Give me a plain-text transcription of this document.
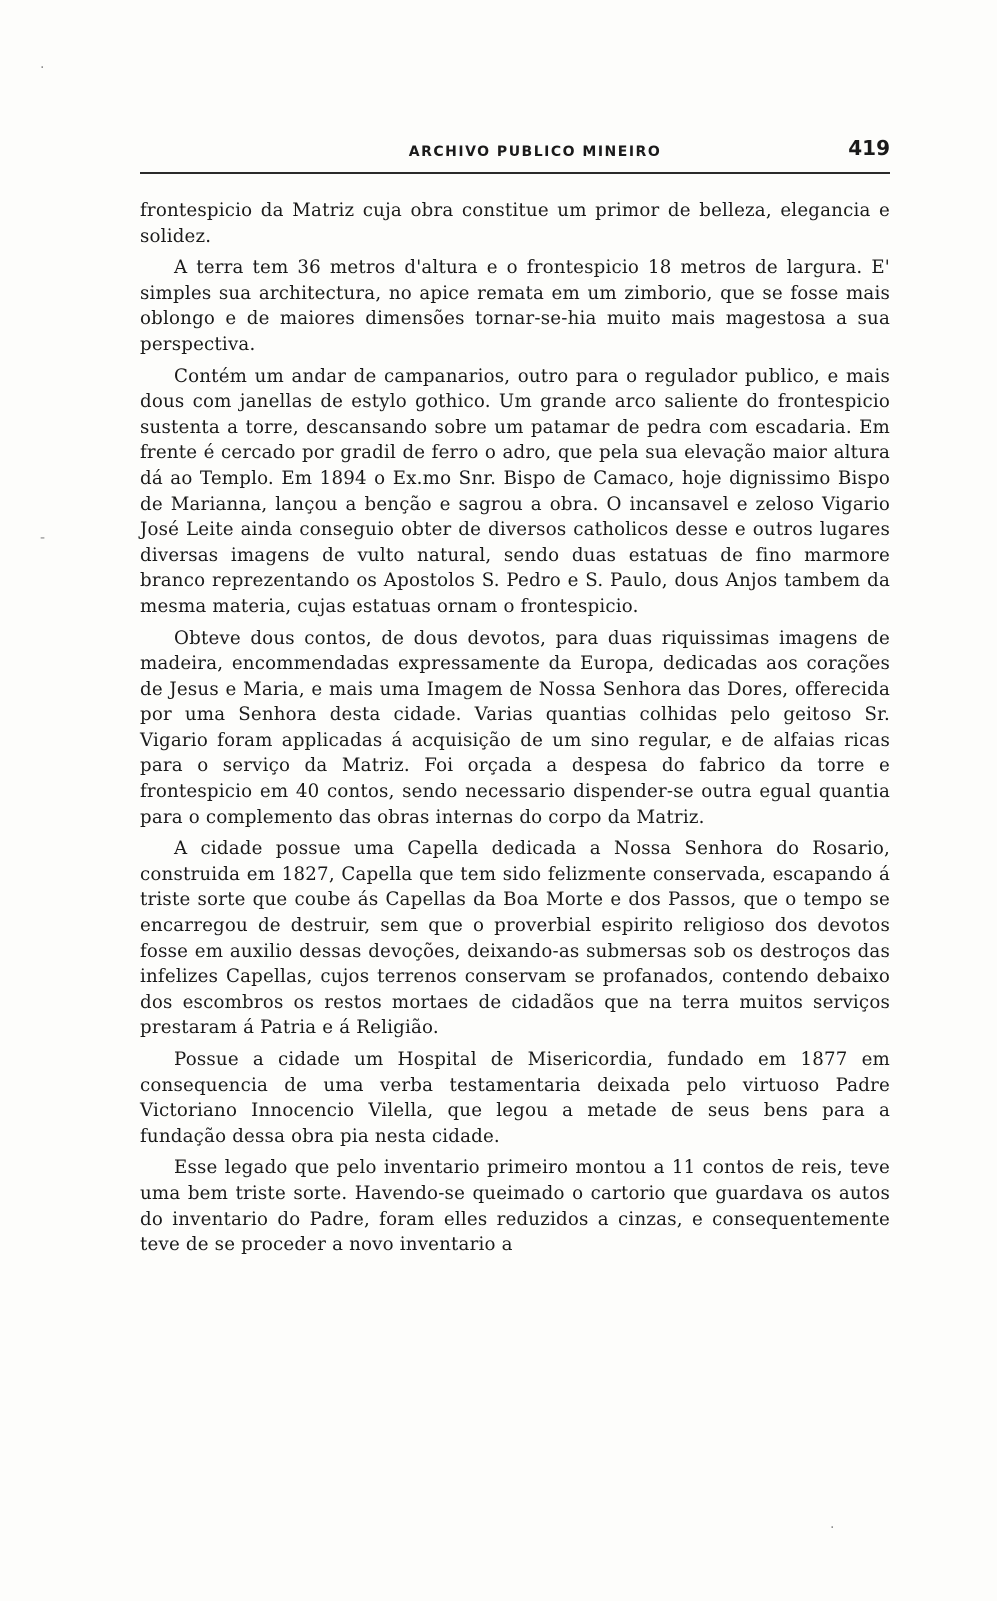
ARCHIVO PUBLICO MINEIRO	419

frontespicio da Matriz cuja obra constitue um primor de belleza, elegancia e solidez.

A terra tem 36 metros d'altura e o frontespicio 18 metros de largura. E' simples sua architectura, no apice remata em um zimborio, que se fosse mais oblongo e de maiores dimensões tornar-se-hia muito mais magestosa a sua perspectiva.

Contém um andar de campanarios, outro para o regulador publico, e mais dous com janellas de estylo gothico. Um grande arco saliente do frontespicio sustenta a torre, descansando sobre um patamar de pedra com escadaria. Em frente é cercado por gradil de ferro o adro, que pela sua elevação maior altura dá ao Templo. Em 1894 o Ex.mo Snr. Bispo de Camaco, hoje dignissimo Bispo de Marianna, lançou a benção e sagrou a obra. O incansavel e zeloso Vigario José Leite ainda conseguio obter de diversos catholicos desse e outros lugares diversas imagens de vulto natural, sendo duas estatuas de fino marmore branco reprezentando os Apostolos S. Pedro e S. Paulo, dous Anjos tambem da mesma materia, cujas estatuas ornam o frontespicio.

Obteve dous contos, de dous devotos, para duas riquissimas imagens de madeira, encommendadas expressamente da Europa, dedicadas aos corações de Jesus e Maria, e mais uma Imagem de Nossa Senhora das Dores, offerecida por uma Senhora desta cidade. Varias quantias colhidas pelo geitoso Sr. Vigario foram applicadas á acquisição de um sino regular, e de alfaias ricas para o serviço da Matriz. Foi orçada a despesa do fabrico da torre e frontespicio em 40 contos, sendo necessario dispender-se outra egual quantia para o complemento das obras internas do corpo da Matriz.

A cidade possue uma Capella dedicada a Nossa Senhora do Rosario, construida em 1827, Capella que tem sido felizmente conservada, escapando á triste sorte que coube ás Capellas da Boa Morte e dos Passos, que o tempo se encarregou de destruir, sem que o proverbial espirito religioso dos devotos fosse em auxilio dessas devoções, deixando-as submersas sob os destroços das infelizes Capellas, cujos terrenos conservam se profanados, contendo debaixo dos escombros os restos mortaes de cidadãos que na terra muitos serviços prestaram á Patria e á Religião.

Possue a cidade um Hospital de Misericordia, fundado em 1877 em consequencia de uma verba testamentaria deixada pelo virtuoso Padre Victoriano Innocencio Vilella, que legou a metade de seus bens para a fundação dessa obra pia nesta cidade.

Esse legado que pelo inventario primeiro montou a 11 contos de reis, teve uma bem triste sorte. Havendo-se queimado o cartorio que guardava os autos do inventario do Padre, foram elles reduzidos a cinzas, e consequentemente teve de se proceder a novo inventario a

·
-
·
